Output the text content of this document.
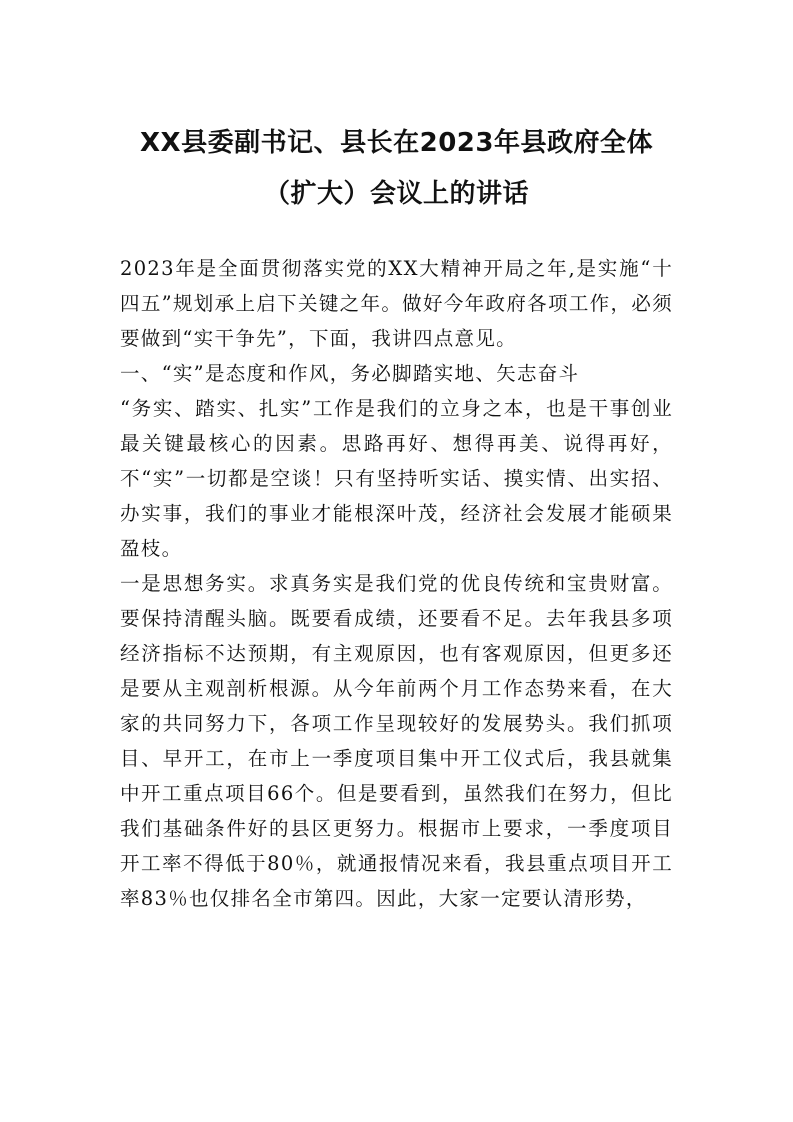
XX县委副书记、县长在2023年县政府全体
（扩大）会议上的讲话

2023年是全面贯彻落实党的XX大精神开局之年,是实施“十四五”规划承上启下关键之年。做好今年政府各项工作，必须要做到“实干争先”，下面，我讲四点意见。

一、“实”是态度和作风，务必脚踏实地、矢志奋斗

“务实、踏实、扎实”工作是我们的立身之本，也是干事创业最关键最核心的因素。思路再好、想得再美、说得再好，不“实”一切都是空谈！只有坚持听实话、摸实情、出实招、办实事，我们的事业才能根深叶茂，经济社会发展才能硕果盈枝。

一是思想务实。求真务实是我们党的优良传统和宝贵财富。要保持清醒头脑。既要看成绩，还要看不足。去年我县多项经济指标不达预期，有主观原因，也有客观原因，但更多还是要从主观剖析根源。从今年前两个月工作态势来看，在大家的共同努力下，各项工作呈现较好的发展势头。我们抓项目、早开工，在市上一季度项目集中开工仪式后，我县就集中开工重点项目66个。但是要看到，虽然我们在努力，但比我们基础条件好的县区更努力。根据市上要求，一季度项目开工率不得低于80％，就通报情况来看，我县重点项目开工率83％也仅排名全市第四。因此，大家一定要认清形势，
